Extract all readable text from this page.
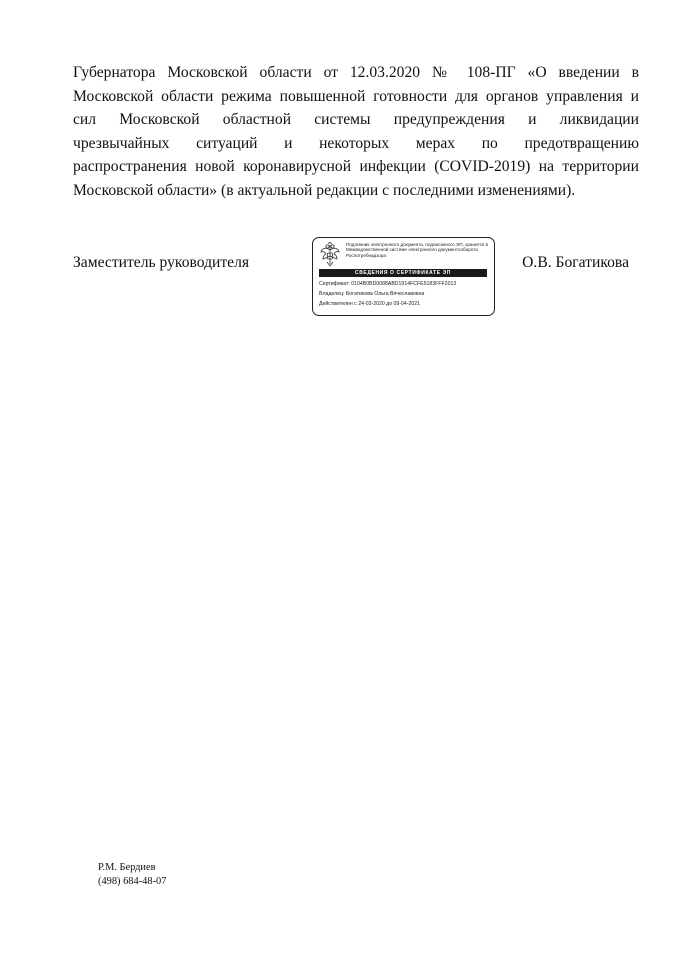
Губернатора Московской области от 12.03.2020 № 108-ПГ «О введении в
Московской области режима повышенной готовности для органов управления и
сил Московской областной системы предупреждения и ликвидации
чрезвычайных ситуаций и некоторых мерах по предотвращению
распространения новой коронавирусной инфекции (COVID-2019) на территории
Московской области» (в актуальной редакции с последними изменениями).

Заместитель руководителя

Подлинник электронного документа, подписанного ЭП, хранится в Межведомственной системе электронного документооборота Роспотребнадзора

СВЕДЕНИЯ О СЕРТИФИКАТЕ ЭП

Сертификат: 0104B0BD0088ABD1914FCFE5183FFF2013

Владелец: Богатикова Ольга Вячеславовна

Действителен с 24-03-2020 до 09-04-2021

О.В. Богатикова

Р.М. Бердиев
(498) 684-48-07
